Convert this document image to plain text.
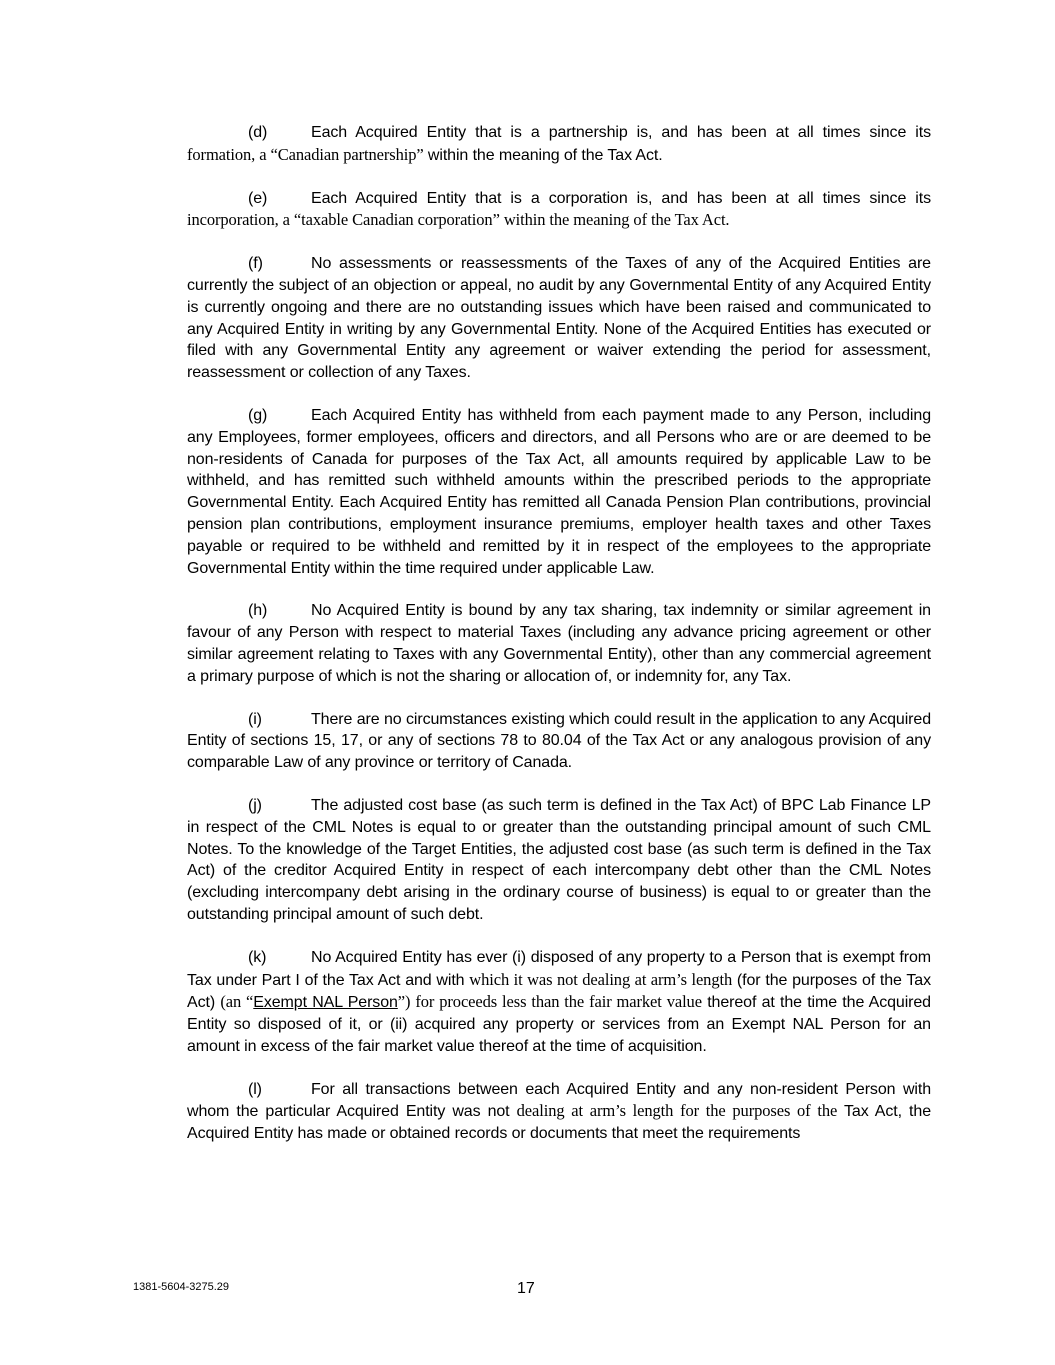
(d)	Each Acquired Entity that is a partnership is, and has been at all times since its formation, a “Canadian partnership” within the meaning of the Tax Act.

(e)	Each Acquired Entity that is a corporation is, and has been at all times since its incorporation, a “taxable Canadian corporation” within the meaning of the Tax Act.

(f)	No assessments or reassessments of the Taxes of any of the Acquired Entities are currently the subject of an objection or appeal, no audit by any Governmental Entity of any Acquired Entity is currently ongoing and there are no outstanding issues which have been raised and communicated to any Acquired Entity in writing by any Governmental Entity. None of the Acquired Entities has executed or filed with any Governmental Entity any agreement or waiver extending the period for assessment, reassessment or collection of any Taxes.

(g)	Each Acquired Entity has withheld from each payment made to any Person, including any Employees, former employees, officers and directors, and all Persons who are or are deemed to be non-residents of Canada for purposes of the Tax Act, all amounts required by applicable Law to be withheld, and has remitted such withheld amounts within the prescribed periods to the appropriate Governmental Entity. Each Acquired Entity has remitted all Canada Pension Plan contributions, provincial pension plan contributions, employment insurance premiums, employer health taxes and other Taxes payable or required to be withheld and remitted by it in respect of the employees to the appropriate Governmental Entity within the time required under applicable Law.

(h)	No Acquired Entity is bound by any tax sharing, tax indemnity or similar agreement in favour of any Person with respect to material Taxes (including any advance pricing agreement or other similar agreement relating to Taxes with any Governmental Entity), other than any commercial agreement a primary purpose of which is not the sharing or allocation of, or indemnity for, any Tax.

(i)	There are no circumstances existing which could result in the application to any Acquired Entity of sections 15, 17, or any of sections 78 to 80.04 of the Tax Act or any analogous provision of any comparable Law of any province or territory of Canada.

(j)	The adjusted cost base (as such term is defined in the Tax Act) of BPC Lab Finance LP in respect of the CML Notes is equal to or greater than the outstanding principal amount of such CML Notes. To the knowledge of the Target Entities, the adjusted cost base (as such term is defined in the Tax Act) of the creditor Acquired Entity in respect of each intercompany debt other than the CML Notes (excluding intercompany debt arising in the ordinary course of business) is equal to or greater than the outstanding principal amount of such debt.

(k)	No Acquired Entity has ever (i) disposed of any property to a Person that is exempt from Tax under Part I of the Tax Act and with which it was not dealing at arm’s length (for the purposes of the Tax Act) (an “Exempt NAL Person”) for proceeds less than the fair market value thereof at the time the Acquired Entity so disposed of it, or (ii) acquired any property or services from an Exempt NAL Person for an amount in excess of the fair market value thereof at the time of acquisition.

(l)	For all transactions between each Acquired Entity and any non-resident Person with whom the particular Acquired Entity was not dealing at arm’s length for the purposes of the Tax Act, the Acquired Entity has made or obtained records or documents that meet the requirements

1381-5604-3275.29	17
